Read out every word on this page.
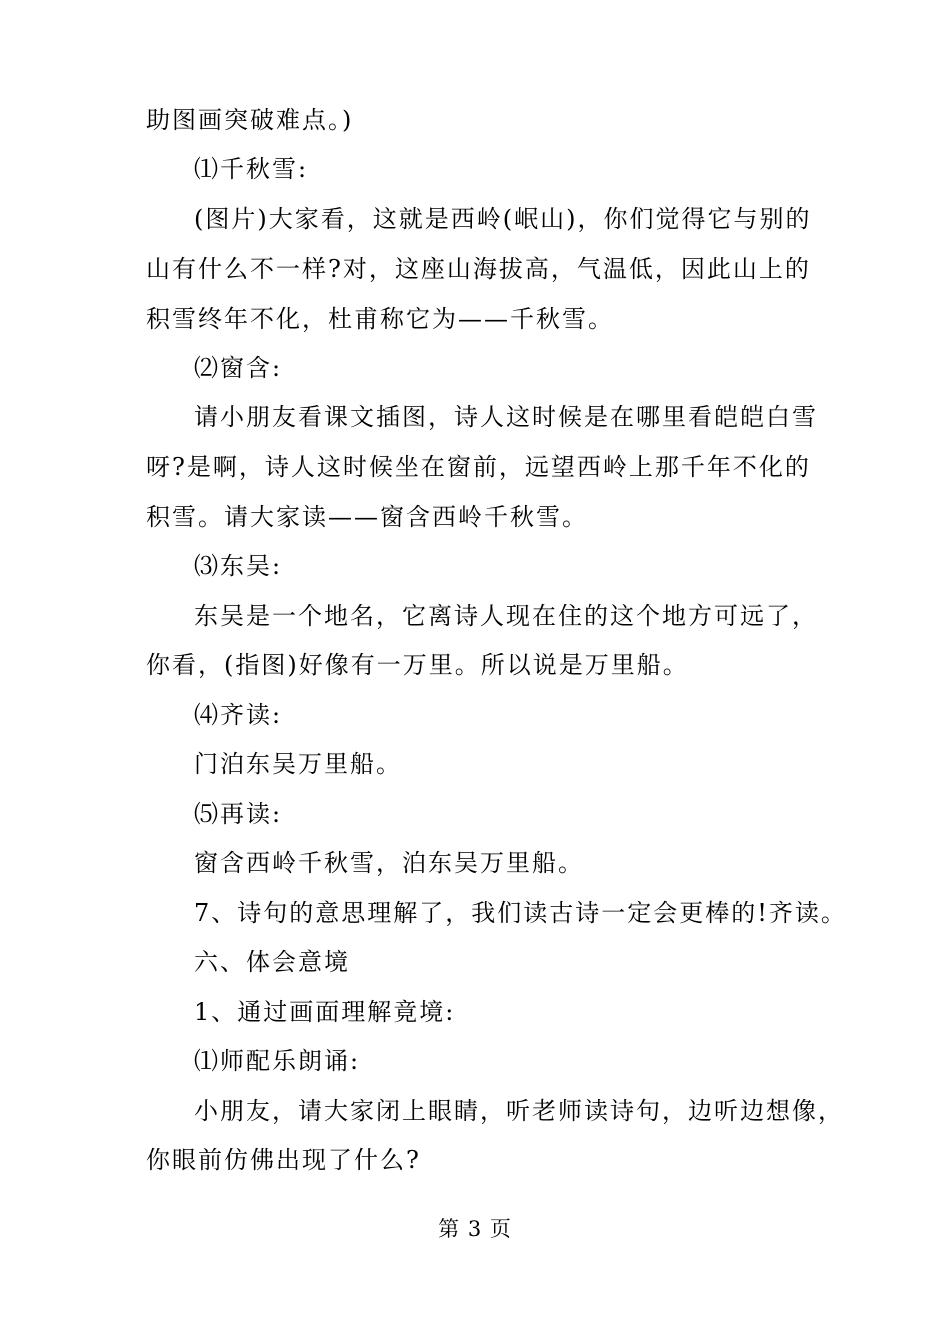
助图画突破难点。)
⑴千秋雪:
(图片)大家看，这就是西岭(岷山)，你们觉得它与别的
山有什么不一样?对，这座山海拔高，气温低，因此山上的
积雪终年不化，杜甫称它为——千秋雪。
⑵窗含:
请小朋友看课文插图，诗人这时候是在哪里看皑皑白雪
呀?是啊，诗人这时候坐在窗前，远望西岭上那千年不化的
积雪。请大家读——窗含西岭千秋雪。
⑶东吴:
东吴是一个地名，它离诗人现在住的这个地方可远了，
你看，(指图)好像有一万里。所以说是万里船。
⑷齐读:
门泊东吴万里船。
⑸再读:
窗含西岭千秋雪，泊东吴万里船。
7、诗句的意思理解了，我们读古诗一定会更棒的!齐读。
六、体会意境
1、通过画面理解竟境:
⑴师配乐朗诵:
小朋友，请大家闭上眼睛，听老师读诗句，边听边想像，
你眼前仿佛出现了什么?
第 3 页
